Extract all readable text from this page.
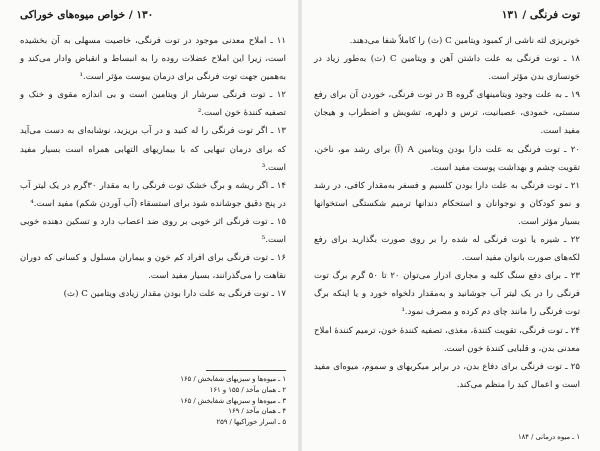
۱۳۰ / خواص میوه‌های خوراکی

۱۱ ـ املاح معدنی موجود در توت فرنگی، خاصیت مسهلی به آن بخشیده است، زیرا این املاح عضلات روده را به انبساط و انقباض وادار می‌کند و به‌همین جهت توت فرنگی برای درمان یبوست مؤثر است.¹

۱۲ ـ توت فرنگی سرشار از ویتامین است و بی اندازه مقوی و خنک و تصفیه کنندهٔ خون است.²

۱۳ ـ اگر توت فرنگی را له کنید و در آب بریزید، نوشابه‌ای به دست می‌آید که برای درمان تبهایی که با بیماریهای التهابی همراه است بسیار مفید است.³

۱۴ ـ اگر ریشه و برگ خشک توت فرنگی را به مقدار ۳۰گرم در یک لیتر آب در پنج دقیق جوشانده شود برای استسقاء (آب آوردن شکم) مفید است.⁴

۱۵ ـ توت فرنگی اثر خوبی بر روی ضد اعصاب دارد و تسکین دهنده خوبی است.⁵

۱۶ ـ توت فرنگی برای افراد کم خون و بیماران مسلول و کسانی که دوران نقاهت را می‌گذرانند، بسیار مفید است.

۱۷ ـ توت فرنگی به علت دارا بودن مقدار زیادی ویتامین C (ث)

۱ ـ میوه‌ها و سبزیهای شفابخش / ۱۶۵
۲ ـ همان مآخذ / ۱۵۵ و ۱۶۱
۳ ـ میوه‌ها و سبزیهای شفابخش / ۱۶۵
۴ ـ همان مآخذ / ۱۶۹
۵ ـ اسرار خوراکیها / ۲۵۹
توت فرنگی / ۱۳۱

خونریزی لثه ناشی از کمبود ویتامین C (ث) را کاملاً شفا می‌دهند.

۱۸ ـ توت فرنگی به علت داشتن آهن و ویتامین C (ث) به‌طور زیاد در خونسازی بدن مؤثر است.

۱۹ ـ به علت وجود ویتامینهای گروه B در توت فرنگی، خوردن آن برای رفع سستی، خمودی، عصبانیت، ترس و دلهره، تشویش و اضطراب و هیجان مفید است.

۲۰ ـ توت فرنگی به علت دارا بودن ویتامین A (آ) برای رشد مو، ناخن، تقویت چشم و بهداشت پوست مفید است.

۲۱ ـ توت فرنگی به علت دارا بودن کلسیم و فسفر به‌مقدار کافی، در رشد و نمو کودکان و نوجوانان و استحکام دندانها ترمیم شکستگی استخوانها بسیار مؤثر است.

۲۲ ـ شیره یا توت فرنگی له شده را بر روی صورت بگذارید برای رفع لکه‌های صورت بانوان مفید است.

۲۳ ـ برای دفع سنگ کلیه و مجاری ادرار می‌توان ۲۰ تا ۵۰ گرم برگ توت فرنگی را در یک لیتر آب جوشانید و به‌مقدار دلخواه خورد و یا اینکه برگ توت فرنگی را مانند چای دم کرده و مصرف نمود.¹

۲۴ ـ توت فرنگی، تقویت کنندهٔ، مغذی، تصفیه کنندهٔ خون، ترمیم کنندهٔ املاح معدنی بدن، و قلبایی کنندهٔ خون است.

۲۵ ـ توت فرنگی برای دفاع بدن، در برابر میکربهای و سموم، میوه‌ای مفید است و اعمال کبد را منظم می‌کند.

۱ ـ میوه درمانی / ۱۸۴
